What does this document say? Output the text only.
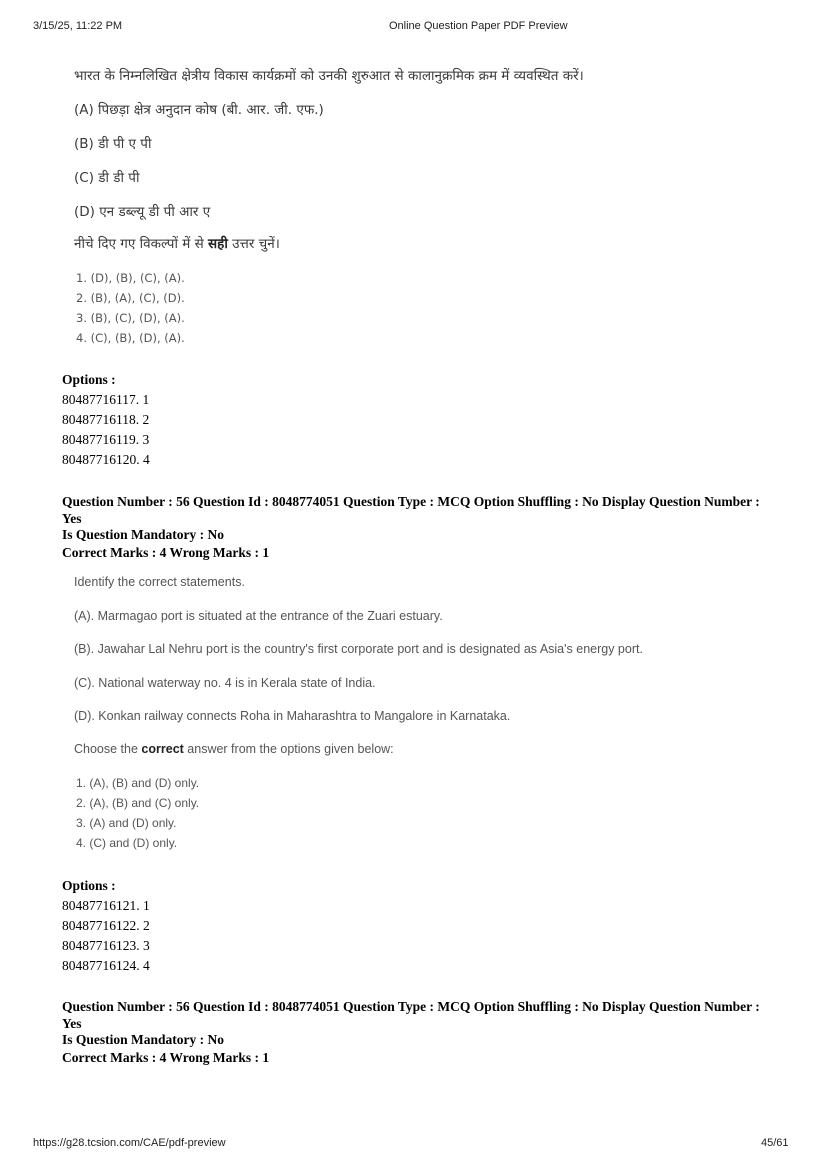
3/15/25, 11:22 PM	Online Question Paper PDF Preview
भारत के निम्नलिखित क्षेत्रीय विकास कार्यक्रमों को उनकी शुरुआत से कालानुक्रमिक क्रम में व्यवस्थित करें।
(A) पिछड़ा क्षेत्र अनुदान कोष (बी. आर. जी. एफ.)
(B) डी पी ए पी
(C) डी डी पी
(D) एन डब्ल्यू डी पी आर ए
नीचे दिए गए विकल्पों में से सही उत्तर चुनें।
1. (D), (B), (C), (A).
2. (B), (A), (C), (D).
3. (B), (C), (D), (A).
4. (C), (B), (D), (A).
Options :
80487716117. 1
80487716118. 2
80487716119. 3
80487716120. 4
Question Number : 56 Question Id : 8048774051 Question Type : MCQ Option Shuffling : No Display Question Number : Yes
Is Question Mandatory : No
Correct Marks : 4 Wrong Marks : 1
Identify the correct statements.
(A). Marmagao port is situated at the entrance of the Zuari estuary.
(B). Jawahar Lal Nehru port is the country's first corporate port and is designated as Asia's energy port.
(C). National waterway no. 4 is in Kerala state of India.
(D). Konkan railway connects Roha in Maharashtra to Mangalore in Karnataka.
Choose the correct answer from the options given below:
1. (A), (B) and (D) only.
2. (A), (B) and (C) only.
3. (A) and (D) only.
4. (C) and (D) only.
Options :
80487716121. 1
80487716122. 2
80487716123. 3
80487716124. 4
Question Number : 56 Question Id : 8048774051 Question Type : MCQ Option Shuffling : No Display Question Number : Yes
Is Question Mandatory : No
Correct Marks : 4 Wrong Marks : 1
https://g28.tcsion.com/CAE/pdf-preview	45/61
